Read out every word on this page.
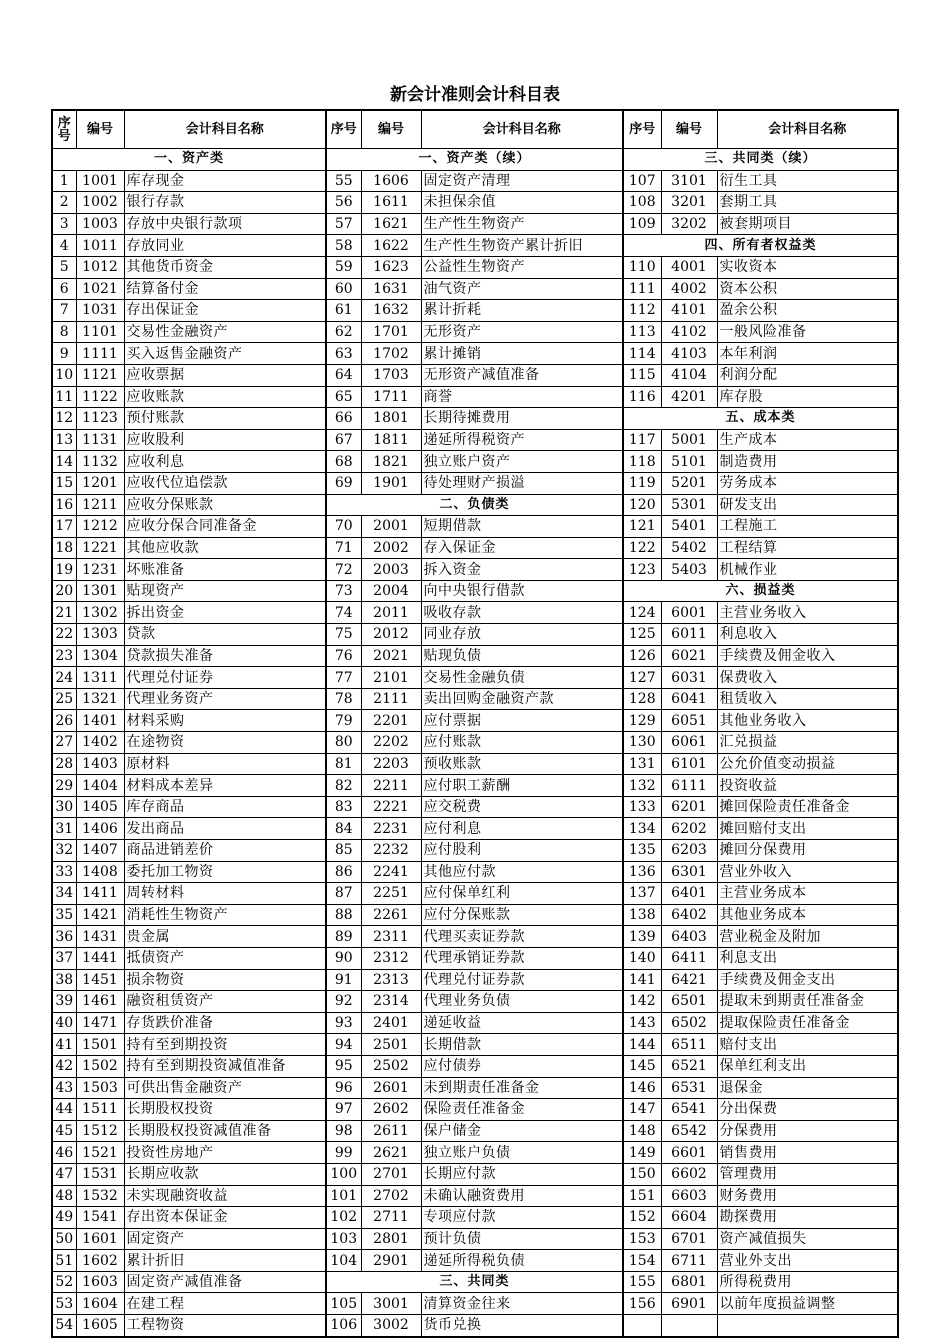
新会计准则会计科目表
序号	编号	会计科目名称	序号	编号	会计科目名称	序号	编号	会计科目名称
一、资产类			一、资产类（续）			三、共同类（续）		
1	1001	库存现金	55	1606	固定资产清理	107	3101	衍生工具
2	1002	银行存款	56	1611	未担保余值	108	3201	套期工具
3	1003	存放中央银行款项	57	1621	生产性生物资产	109	3202	被套期项目
4	1011	存放同业	58	1622	生产性生物资产累计折旧	四、所有者权益类		
5	1012	其他货币资金	59	1623	公益性生物资产	110	4001	实收资本
6	1021	结算备付金	60	1631	油气资产	111	4002	资本公积
7	1031	存出保证金	61	1632	累计折耗	112	4101	盈余公积
8	1101	交易性金融资产	62	1701	无形资产	113	4102	一般风险准备
9	1111	买入返售金融资产	63	1702	累计摊销	114	4103	本年利润
10	1121	应收票据	64	1703	无形资产减值准备	115	4104	利润分配
11	1122	应收账款	65	1711	商誉	116	4201	库存股
12	1123	预付账款	66	1801	长期待摊费用	五、成本类		
13	1131	应收股利	67	1811	递延所得税资产	117	5001	生产成本
14	1132	应收利息	68	1821	独立账户资产	118	5101	制造费用
15	1201	应收代位追偿款	69	1901	待处理财产损溢	119	5201	劳务成本
16	1211	应收分保账款	二、负债类			120	5301	研发支出
17	1212	应收分保合同准备金	70	2001	短期借款	121	5401	工程施工
18	1221	其他应收款	71	2002	存入保证金	122	5402	工程结算
19	1231	坏账准备	72	2003	拆入资金	123	5403	机械作业
20	1301	贴现资产	73	2004	向中央银行借款	六、损益类		
21	1302	拆出资金	74	2011	吸收存款	124	6001	主营业务收入
22	1303	贷款	75	2012	同业存放	125	6011	利息收入
23	1304	贷款损失准备	76	2021	贴现负债	126	6021	手续费及佣金收入
24	1311	代理兑付证券	77	2101	交易性金融负债	127	6031	保费收入
25	1321	代理业务资产	78	2111	卖出回购金融资产款	128	6041	租赁收入
26	1401	材料采购	79	2201	应付票据	129	6051	其他业务收入
27	1402	在途物资	80	2202	应付账款	130	6061	汇兑损益
28	1403	原材料	81	2203	预收账款	131	6101	公允价值变动损益
29	1404	材料成本差异	82	2211	应付职工薪酬	132	6111	投资收益
30	1405	库存商品	83	2221	应交税费	133	6201	摊回保险责任准备金
31	1406	发出商品	84	2231	应付利息	134	6202	摊回赔付支出
32	1407	商品进销差价	85	2232	应付股利	135	6203	摊回分保费用
33	1408	委托加工物资	86	2241	其他应付款	136	6301	营业外收入
34	1411	周转材料	87	2251	应付保单红利	137	6401	主营业务成本
35	1421	消耗性生物资产	88	2261	应付分保账款	138	6402	其他业务成本
36	1431	贵金属	89	2311	代理买卖证券款	139	6403	营业税金及附加
37	1441	抵债资产	90	2312	代理承销证券款	140	6411	利息支出
38	1451	损余物资	91	2313	代理兑付证券款	141	6421	手续费及佣金支出
39	1461	融资租赁资产	92	2314	代理业务负债	142	6501	提取未到期责任准备金
40	1471	存货跌价准备	93	2401	递延收益	143	6502	提取保险责任准备金
41	1501	持有至到期投资	94	2501	长期借款	144	6511	赔付支出
42	1502	持有至到期投资减值准备	95	2502	应付债券	145	6521	保单红利支出
43	1503	可供出售金融资产	96	2601	未到期责任准备金	146	6531	退保金
44	1511	长期股权投资	97	2602	保险责任准备金	147	6541	分出保费
45	1512	长期股权投资减值准备	98	2611	保户储金	148	6542	分保费用
46	1521	投资性房地产	99	2621	独立账户负债	149	6601	销售费用
47	1531	长期应收款	100	2701	长期应付款	150	6602	管理费用
48	1532	未实现融资收益	101	2702	未确认融资费用	151	6603	财务费用
49	1541	存出资本保证金	102	2711	专项应付款	152	6604	勘探费用
50	1601	固定资产	103	2801	预计负债	153	6701	资产减值损失
51	1602	累计折旧	104	2901	递延所得税负债	154	6711	营业外支出
52	1603	固定资产减值准备	三、共同类			155	6801	所得税费用
53	1604	在建工程	105	3001	清算资金往来	156	6901	以前年度损益调整
54	1605	工程物资	106	3002	货币兑换			
